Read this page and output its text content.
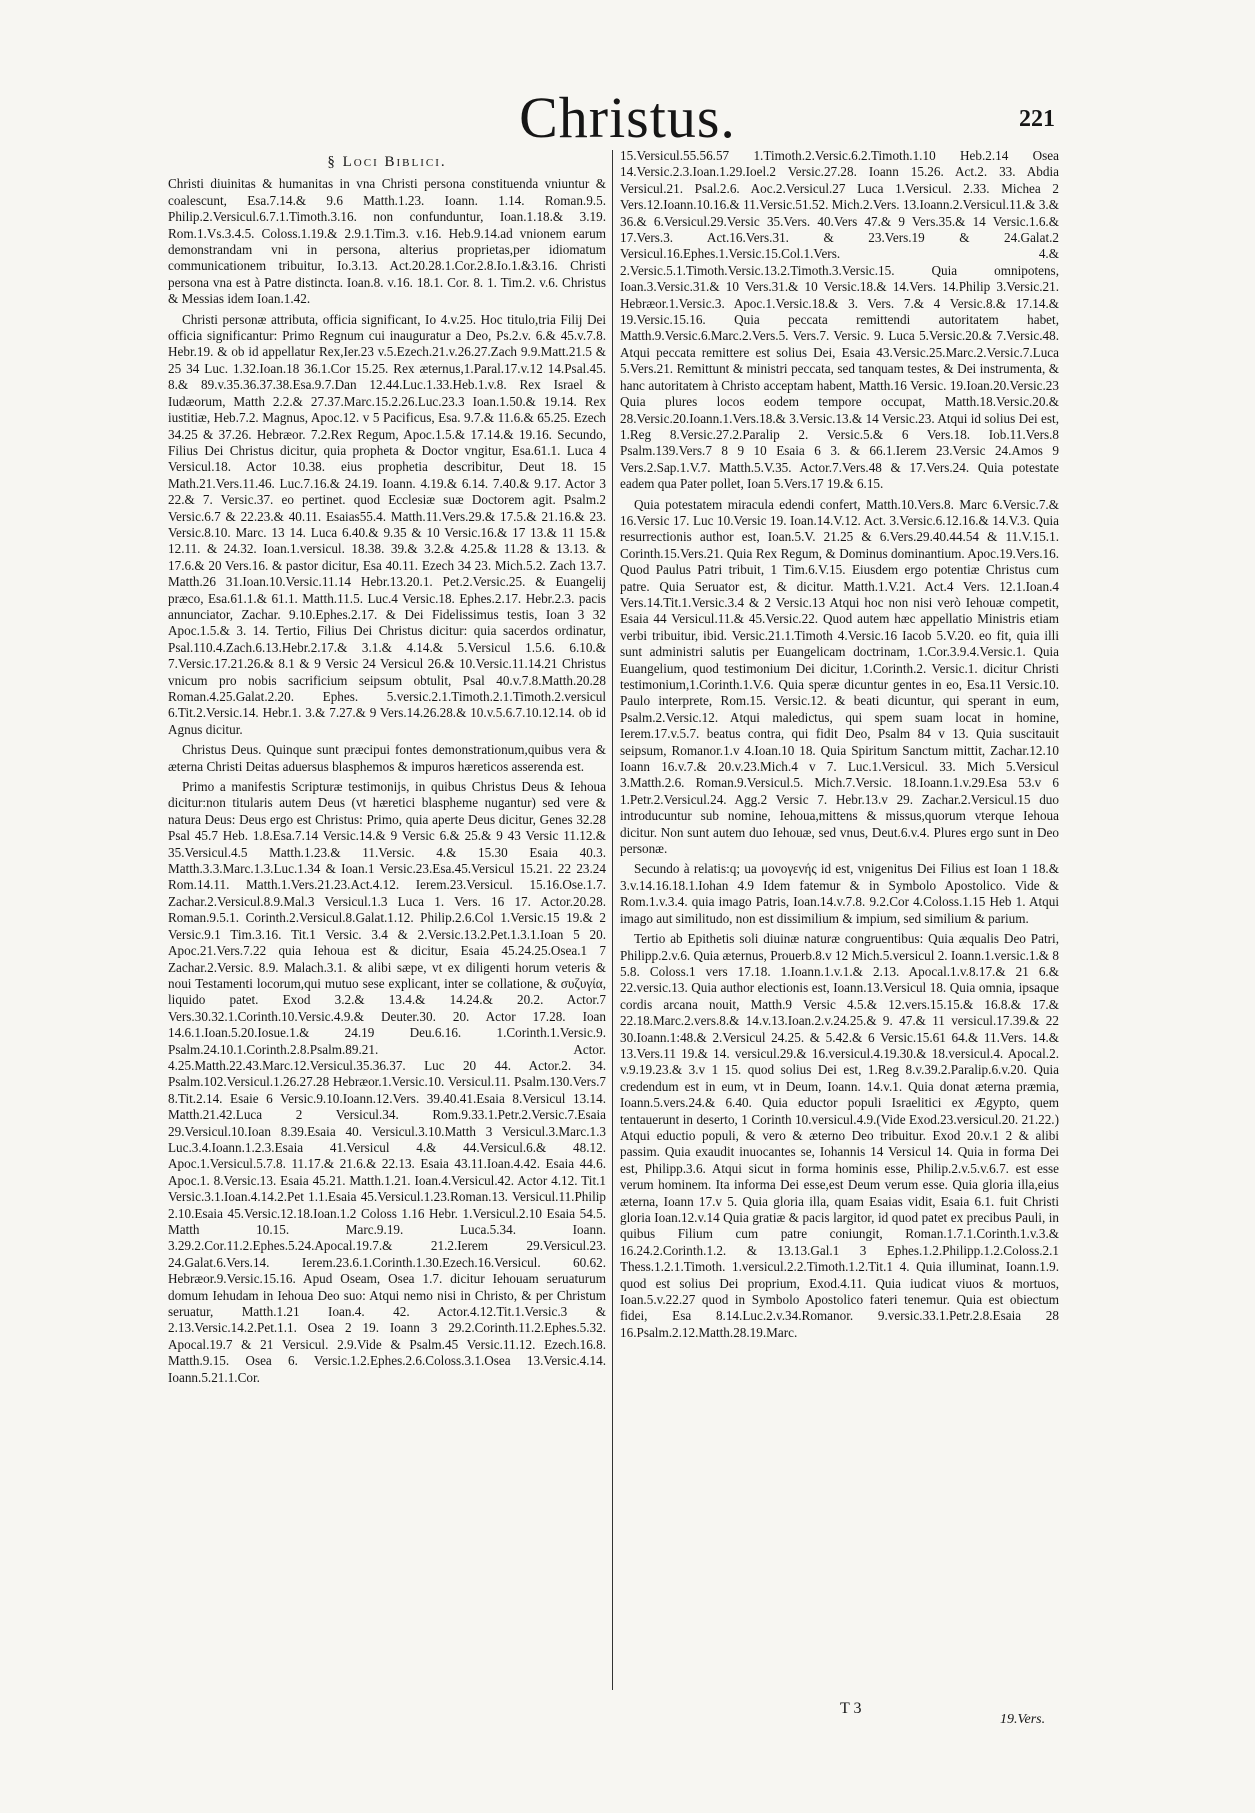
Christus.	221
§ Loci Biblici.

Christi diuinitas & humanitas in vna Christi persona constituenda vniuntur & coalescunt, Esa.7.14.& 9.6 Matth.1.23. Ioann. 1.14. Roman.9.5. Philip.2.Versicul.6.7.1.Timoth.3.16. non confunduntur, Ioan.1.18.& 3.19. Rom.1.Vs.3.4.5. Coloss.1.19.& 2.9.1.Tim.3. v.16. Heb.9.14.ad vnionem earum demonstrandam vni in persona, alterius proprietas,per idiomatum communicationem tribuitur, Io.3.13. Act.20.28.1.Cor.2.8.Io.1.&3.16. Christi persona vna est à Patre distincta. Ioan.8. v.16. 18.1. Cor. 8. 1. Tim.2. v.6. Christus & Messias idem Ioan.1.42.

Christi personæ attributa, officia significant, Io 4.v.25. Hoc titulo,tria Filij Dei officia significantur: Primo Regnum cui inauguratur a Deo, Ps.2.v. 6.& 45.v.7.8. Hebr.19. & ob id appellatur Rex,Ier.23 v.5.Ezech.21.v.26.27.Zach 9.9.Matt.21.5 & 25 34 Luc. 1.32.Ioan.18 36.1.Cor 15.25. Rex æternus,1.Paral.17.v.12 14.Psal.45. 8.& 89.v.35.36.37.38.Esa.9.7.Dan 12.44.Luc.1.33.Heb.1.v.8. Rex Israel & Iudæorum, Matth 2.2.& 27.37.Marc.15.2.26.Luc.23.3 Ioan.1.50.& 19.14. Rex iustitiæ, Heb.7.2. Magnus, Apoc.12. v 5 Pacificus, Esa. 9.7.& 11.6.& 65.25. Ezech 34.25 & 37.26. Hebræor. 7.2.Rex Regum, Apoc.1.5.& 17.14.& 19.16. Secundo, Filius Dei Christus dicitur, quia propheta & Doctor vngitur, Esa.61.1. Luca 4 Versicul.18. Actor 10.38. eius prophetia describitur, Deut 18. 15 Math.21.Vers.11.46. Luc.7.16.& 24.19. Ioann. 4.19.& 6.14. 7.40.& 9.17. Actor 3 22.& 7. Versic.37. eo pertinet. quod Ecclesiæ suæ Doctorem agit. Psalm.2 Versic.6.7 & 22.23.& 40.11. Esaias55.4. Matth.11.Vers.29.& 17.5.& 21.16.& 23. Versic.8.10. Marc. 13 14. Luca 6.40.& 9.35 & 10 Versic.16.& 17 13.& 11 15.& 12.11. & 24.32. Ioan.1.versicul. 18.38. 39.& 3.2.& 4.25.& 11.28 & 13.13. & 17.6.& 20 Vers.16. & pastor dicitur, Esa 40.11. Ezech 34 23. Mich.5.2. Zach 13.7. Matth.26 31.Ioan.10.Versic.11.14 Hebr.13.20.1. Pet.2.Versic.25. & Euangelij præco, Esa.61.1.& 61.1. Matth.11.5. Luc.4 Versic.18. Ephes.2.17. Hebr.2.3. pacis annunciator, Zachar. 9.10.Ephes.2.17. & Dei Fidelissimus testis, Ioan 3 32 Apoc.1.5.& 3. 14. Tertio, Filius Dei Christus dicitur: quia sacerdos ordinatur, Psal.110.4.Zach.6.13.Hebr.2.17.& 3.1.& 4.14.& 5.Versicul 1.5.6. 6.10.& 7.Versic.17.21.26.& 8.1 & 9 Versic 24 Versicul 26.& 10.Versic.11.14.21 Christus vnicum pro nobis sacrificium seipsum obtulit, Psal 40.v.7.8.Matth.20.28 Roman.4.25.Galat.2.20. Ephes. 5.versic.2.1.Timoth.2.1.Timoth.2.versicul 6.Tit.2.Versic.14. Hebr.1. 3.& 7.27.& 9 Vers.14.26.28.& 10.v.5.6.7.10.12.14. ob id Agnus dicitur.

Christus Deus. Quinque sunt præcipui fontes demonstrationum,quibus vera & æterna Christi Deitas aduersus blasphemos & impuros hæreticos asserenda est.

Primo a manifestis Scripturæ testimonijs, in quibus Christus Deus & Iehoua dicitur:non titularis autem Deus (vt hæretici blaspheme nugantur) sed vere & natura Deus: Deus ergo est Christus: Primo, quia aperte Deus dicitur, Genes 32.28 Psal 45.7 Heb. 1.8.Esa.7.14 Versic.14.& 9 Versic 6.& 25.& 9 43 Versic 11.12.& 35.Versicul.4.5 Matth.1.23.& 11.Versic. 4.& 15.30 Esaia 40.3. Matth.3.3.Marc.1.3.Luc.1.34 & Ioan.1 Versic.23.Esa.45.Versicul 15.21. 22 23.24 Rom.14.11. Matth.1.Vers.21.23.Act.4.12. Ierem.23.Versicul. 15.16.Ose.1.7. Zachar.2.Versicul.8.9.Mal.3 Versicul.1.3 Luca 1. Vers. 16 17. Actor.20.28. Roman.9.5.1. Corinth.2.Versicul.8.Galat.1.12. Philip.2.6.Col 1.Versic.15 19.& 2 Versic.9.1 Tim.3.16. Tit.1 Versic. 3.4 & 2.Versic.13.2.Pet.1.3.1.Ioan 5 20. Apoc.21.Vers.7.22 quia Iehoua est & dicitur, Esaia 45.24.25.Osea.1 7 Zachar.2.Versic. 8.9. Malach.3.1. & alibi sæpe, vt ex diligenti horum veteris & noui Testamenti locorum,qui mutuo sese explicant, inter se collatione, & συζυγία, liquido patet. Exod 3.2.& 13.4.& 14.24.& 20.2. Actor.7 Vers.30.32.1.Corinth.10.Versic.4.9.& Deuter.30. 20. Actor 17.28. Ioan 14.6.1.Ioan.5.20.Iosue.1.& 24.19 Deu.6.16. 1.Corinth.1.Versic.9. Psalm.24.10.1.Corinth.2.8.Psalm.89.21. Actor. 4.25.Matth.22.43.Marc.12.Versicul.35.36.37. Luc 20 44. Actor.2. 34. Psalm.102.Versicul.1.26.27.28 Hebræor.1.Versic.10. Versicul.11. Psalm.130.Vers.7 8.Tit.2.14. Esaie 6 Versic.9.10.Ioann.12.Vers. 39.40.41.Esaia 8.Versicul 13.14. Matth.21.42.Luca 2 Versicul.34. Rom.9.33.1.Petr.2.Versic.7.Esaia 29.Versicul.10.Ioan 8.39.Esaia 40. Versicul.3.10.Matth 3 Versicul.3.Marc.1.3 Luc.3.4.Ioann.1.2.3.Esaia 41.Versicul 4.& 44.Versicul.6.& 48.12. Apoc.1.Versicul.5.7.8. 11.17.& 21.6.& 22.13. Esaia 43.11.Ioan.4.42. Esaia 44.6. Apoc.1. 8.Versic.13. Esaia 45.21. Matth.1.21. Ioan.4.Versicul.42. Actor 4.12. Tit.1 Versic.3.1.Ioan.4.14.2.Pet 1.1.Esaia 45.Versicul.1.23.Roman.13. Versicul.11.Philip 2.10.Esaia 45.Versic.12.18.Ioan.1.2 Coloss 1.16 Hebr. 1.Versicul.2.10 Esaia 54.5. Matth 10.15. Marc.9.19. Luca.5.34. Ioann. 3.29.2.Cor.11.2.Ephes.5.24.Apocal.19.7.& 21.2.Ierem 29.Versicul.23. 24.Galat.6.Vers.14. Ierem.23.6.1.Corinth.1.30.Ezech.16.Versicul. 60.62. Hebræor.9.Versic.15.16. Apud Oseam, Osea 1.7. dicitur Iehouam seruaturum domum Iehudam in Iehoua Deo suo: Atqui nemo nisi in Christo, & per Christum seruatur, Matth.1.21 Ioan.4. 42. Actor.4.12.Tit.1.Versic.3 & 2.13.Versic.14.2.Pet.1.1. Osea 2 19. Ioann 3 29.2.Corinth.11.2.Ephes.5.32. Apocal.19.7 & 21 Versicul. 2.9.Vide & Psalm.45 Versic.11.12. Ezech.16.8. Matth.9.15. Osea 6. Versic.1.2.Ephes.2.6.Coloss.3.1.Osea 13.Versic.4.14. Ioann.5.21.1.Cor.

15.Versicul.55.56.57 1.Timoth.2.Versic.6.2.Timoth.1.10 Heb.2.14 Osea 14.Versic.2.3.Ioan.1.29.Ioel.2 Versic.27.28. Ioann 15.26. Act.2. 33. Abdia Versicul.21. Psal.2.6. Aoc.2.Versicul.27 Luca 1.Versicul. 2.33. Michea 2 Vers.12.Ioann.10.16.& 11.Versic.51.52. Mich.2.Vers. 13.Ioann.2.Versicul.11.& 3.& 36.& 6.Versicul.29.Versic 35.Vers. 40.Vers 47.& 9 Vers.35.& 14 Versic.1.6.& 17.Vers.3. Act.16.Vers.31. & 23.Vers.19 & 24.Galat.2 Versicul.16.Ephes.1.Versic.15.Col.1.Vers. 4.& 2.Versic.5.1.Timoth.Versic.13.2.Timoth.3.Versic.15. Quia omnipotens, Ioan.3.Versic.31.& 10 Vers.31.& 10 Versic.18.& 14.Vers. 14.Philip 3.Versic.21. Hebræor.1.Versic.3. Apoc.1.Versic.18.& 3. Vers. 7.& 4 Versic.8.& 17.14.& 19.Versic.15.16. Quia peccata remittendi autoritatem habet, Matth.9.Versic.6.Marc.2.Vers.5. Vers.7. Versic. 9. Luca 5.Versic.20.& 7.Versic.48. Atqui peccata remittere est solius Dei, Esaia 43.Versic.25.Marc.2.Versic.7.Luca 5.Vers.21. Remittunt & ministri peccata, sed tanquam testes, & Dei instrumenta, & hanc autoritatem à Christo acceptam habent, Matth.16 Versic. 19.Ioan.20.Versic.23 Quia plures locos eodem tempore occupat, Matth.18.Versic.20.& 28.Versic.20.Ioann.1.Vers.18.& 3.Versic.13.& 14 Versic.23. Atqui id solius Dei est, 1.Reg 8.Versic.27.2.Paralip 2. Versic.5.& 6 Vers.18. Iob.11.Vers.8 Psalm.139.Vers.7 8 9 10 Esaia 6 3. & 66.1.Ierem 23.Versic 24.Amos 9 Vers.2.Sap.1.V.7. Matth.5.V.35. Actor.7.Vers.48 & 17.Vers.24. Quia potestate eadem qua Pater pollet, Ioan 5.Vers.17 19.& 6.15.

Quia potestatem miracula edendi confert, Matth.10.Vers.8. Marc 6.Versic.7.& 16.Versic 17. Luc 10.Versic 19. Ioan.14.V.12. Act. 3.Versic.6.12.16.& 14.V.3. Quia resurrectionis author est, Ioan.5.V. 21.25 & 6.Vers.29.40.44.54 & 11.V.15.1. Corinth.15.Vers.21. Quia Rex Regum, & Dominus dominantium. Apoc.19.Vers.16. Quod Paulus Patri tribuit, 1 Tim.6.V.15. Eiusdem ergo potentiæ Christus cum patre. Quia Seruator est, & dicitur. Matth.1.V.21. Act.4 Vers. 12.1.Ioan.4 Vers.14.Tit.1.Versic.3.4 & 2 Versic.13 Atqui hoc non nisi verò Iehouæ competit, Esaia 44 Versicul.11.& 45.Versic.22. Quod autem hæc appellatio Ministris etiam verbi tribuitur, ibid. Versic.21.1.Timoth 4.Versic.16 Iacob 5.V.20. eo fit, quia illi sunt administri salutis per Euangelicam doctrinam, 1.Cor.3.9.4.Versic.1. Quia Euangelium, quod testimonium Dei dicitur, 1.Corinth.2. Versic.1. dicitur Christi testimonium,1.Corinth.1.V.6. Quia speræ dicuntur gentes in eo, Esa.11 Versic.10. Paulo interprete, Rom.15. Versic.12. & beati dicuntur, qui sperant in eum, Psalm.2.Versic.12. Atqui maledictus, qui spem suam locat in homine, Ierem.17.v.5.7. beatus contra, qui fidit Deo, Psalm 84 v 13. Quia suscitauit seipsum, Romanor.1.v 4.Ioan.10 18. Quia Spiritum Sanctum mittit, Zachar.12.10 Ioann 16.v.7.& 20.v.23.Mich.4 v 7. Luc.1.Versicul. 33. Mich 5.Versicul 3.Matth.2.6. Roman.9.Versicul.5. Mich.7.Versic. 18.Ioann.1.v.29.Esa 53.v 6 1.Petr.2.Versicul.24. Agg.2 Versic 7. Hebr.13.v 29. Zachar.2.Versicul.15 duo introducuntur sub nomine, Iehoua,mittens & missus,quorum vterque Iehoua dicitur. Non sunt autem duo Iehouæ, sed vnus, Deut.6.v.4. Plures ergo sunt in Deo personæ.

Secundo à relatis:q; ua μονογενής id est, vnigenitus Dei Filius est Ioan 1 18.& 3.v.14.16.18.1.Iohan 4.9 Idem fatemur & in Symbolo Apostolico. Vide & Rom.1.v.3.4. quia imago Patris, Ioan.14.v.7.8. 9.2.Cor 4.Coloss.1.15 Heb 1. Atqui imago aut similitudo, non est dissimilium & impium, sed similium & parium.

Tertio ab Epithetis soli diuinæ naturæ congruentibus: Quia æqualis Deo Patri, Philipp.2.v.6. Quia æternus, Prouerb.8.v 12 Mich.5.versicul 2. Ioann.1.versic.1.& 8 5.8. Coloss.1 vers 17.18. 1.Ioann.1.v.1.& 2.13. Apocal.1.v.8.17.& 21 6.& 22.versic.13. Quia author electionis est, Ioann.13.Versicul 18. Quia omnia, ipsaque cordis arcana nouit, Matth.9 Versic 4.5.& 12.vers.15.15.& 16.8.& 17.& 22.18.Marc.2.vers.8.& 14.v.13.Ioan.2.v.24.25.& 9. 47.& 11 versicul.17.39.& 22 30.Ioann.1:48.& 2.Versicul 24.25. & 5.42.& 6 Versic.15.61 64.& 11.Vers. 14.& 13.Vers.11 19.& 14. versicul.29.& 16.versicul.4.19.30.& 18.versicul.4. Apocal.2. v.9.19.23.& 3.v 1 15. quod solius Dei est, 1.Reg 8.v.39.2.Paralip.6.v.20. Quia credendum est in eum, vt in Deum, Ioann. 14.v.1. Quia donat æterna præmia, Ioann.5.vers.24.& 6.40. Quia eductor populi Israelitici ex Ægypto, quem tentauerunt in deserto, 1 Corinth 10.versicul.4.9.(Vide Exod.23.versicul.20. 21.22.) Atqui eductio populi, & vero & æterno Deo tribuitur. Exod 20.v.1 2 & alibi passim. Quia exaudit inuocantes se, Iohannis 14 Versicul 14. Quia in forma Dei est, Philipp.3.6. Atqui sicut in forma hominis esse, Philip.2.v.5.v.6.7. est esse verum hominem. Ita informa Dei esse,est Deum verum esse. Quia gloria illa,eius æterna, Ioann 17.v 5. Quia gloria illa, quam Esaias vidit, Esaia 6.1. fuit Christi gloria Ioan.12.v.14 Quia gratiæ & pacis largitor, id quod patet ex precibus Pauli, in quibus Filium cum patre coniungit, Roman.1.7.1.Corinth.1.v.3.& 16.24.2.Corinth.1.2. & 13.13.Gal.1 3 Ephes.1.2.Philipp.1.2.Coloss.2.1 Thess.1.2.1.Timoth. 1.versicul.2.2.Timoth.1.2.Tit.1 4. Quia illuminat, Ioann.1.9. quod est solius Dei proprium, Exod.4.11. Quia iudicat viuos & mortuos, Ioan.5.v.22.27 quod in Symbolo Apostolico fateri tenemur. Quia est obiectum fidei, Esa 8.14.Luc.2.v.34.Romanor. 9.versic.33.1.Petr.2.8.Esaia 28 16.Psalm.2.12.Matth.28.19.Marc.

T 3
19.Vers.
